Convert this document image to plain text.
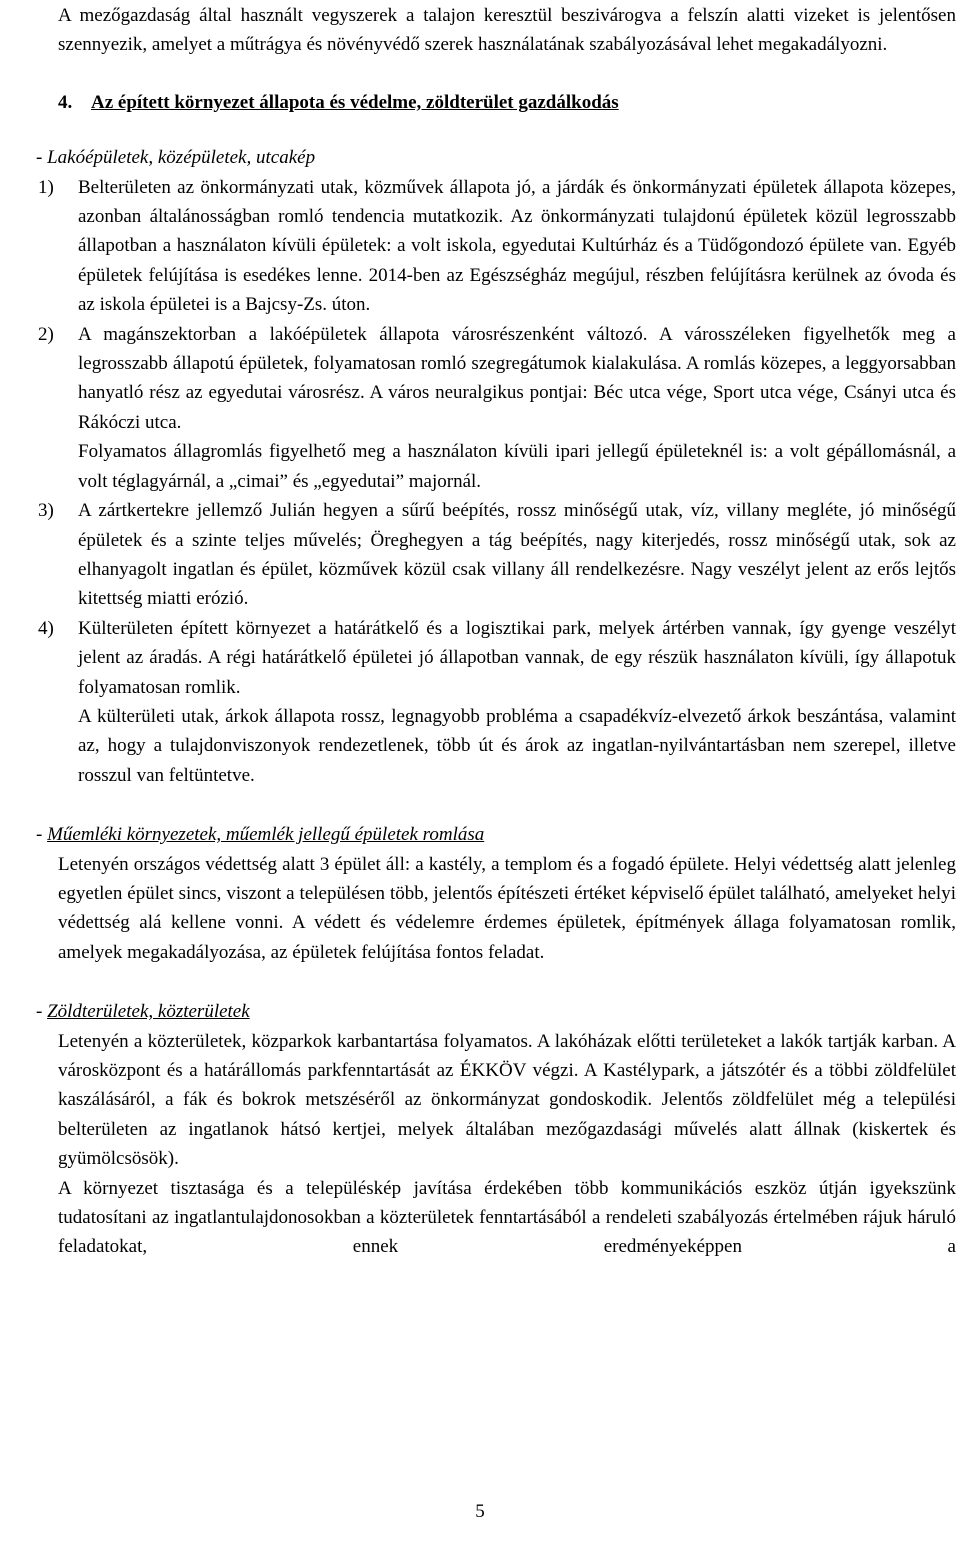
A mezőgazdaság által használt vegyszerek a talajon keresztül beszivárogva a felszín alatti vizeket is jelentősen szennyezik, amelyet a műtrágya és növényvédő szerek használatának szabályozásával lehet megakadályozni.

4. Az épített környezet állapota és védelme, zöldterület gazdálkodás
- Lakóépületek, középületek, utcakép
1)	Belterületen az önkormányzati utak, közművek állapota jó, a járdák és önkormányzati épületek állapota közepes, azonban általánosságban romló tendencia mutatkozik. Az önkormányzati tulajdonú épületek közül legrosszabb állapotban a használaton kívüli épületek: a volt iskola, egyedutai Kultúrház és a Tüdőgondozó épülete van. Egyéb épületek felújítása is esedékes lenne. 2014-ben az Egészségház megújul, részben felújításra kerülnek az óvoda és az iskola épületei is a Bajcsy-Zs. úton.

2)	A magánszektorban a lakóépületek állapota városrészenként változó. A városszéleken figyelhetők meg a legrosszabb állapotú épületek, folyamatosan romló szegregátumok kialakulása. A romlás közepes, a leggyorsabban hanyatló rész az egyedutai városrész. A város neuralgikus pontjai: Béc utca vége, Sport utca vége, Csányi utca és Rákóczi utca.

Folyamatos állagromlás figyelhető meg a használaton kívüli ipari jellegű épületeknél is: a volt gépállomásnál, a volt téglagyárnál, a „cimai” és „egyedutai” majornál.

3)	A zártkertekre jellemző Julián hegyen a sűrű beépítés, rossz minőségű utak, víz, villany megléte, jó minőségű épületek és a szinte teljes művelés; Öreghegyen a tág beépítés, nagy kiterjedés, rossz minőségű utak, sok az elhanyagolt ingatlan és épület, közművek közül csak villany áll rendelkezésre. Nagy veszélyt jelent az erős lejtős kitettség miatti erózió.

4)	Külterületen épített környezet a határátkelő és a logisztikai park, melyek ártérben vannak, így gyenge veszélyt jelent az áradás. A régi határátkelő épületei jó állapotban vannak, de egy részük használaton kívüli, így állapotuk folyamatosan romlik.

A külterületi utak, árkok állapota rossz, legnagyobb probléma a csapadékvíz-elvezető árkok beszántása, valamint az, hogy a tulajdonviszonyok rendezetlenek, több út és árok az ingatlan-nyilvántartásban nem szerepel, illetve rosszul van feltüntetve.

- Műemléki környezetek, műemlék jellegű épületek romlása

Letenyén országos védettség alatt 3 épület áll: a kastély, a templom és a fogadó épülete. Helyi védettség alatt jelenleg egyetlen épület sincs, viszont a településen több, jelentős építészeti értéket képviselő épület található, amelyeket helyi védettség alá kellene vonni. A védett és védelemre érdemes épületek, építmények állaga folyamatosan romlik, amelyek megakadályozása, az épületek felújítása fontos feladat.

- Zöldterületek, közterületek

Letenyén a közterületek, közparkok karbantartása folyamatos. A lakóházak előtti területeket a lakók tartják karban. A városközpont és a határállomás parkfenntartását az ÉKKÖV végzi. A Kastélypark, a játszótér és a többi zöldfelület kaszálásáról, a fák és bokrok metszéséről az önkormányzat gondoskodik. Jelentős zöldfelület még a települési belterületen az ingatlanok hátsó kertjei, melyek általában mezőgazdasági művelés alatt állnak (kiskertek és gyümölcsösök).

A környezet tisztasága és a településkép javítása érdekében több kommunikációs eszköz útján igyekszünk tudatosítani az ingatlantulajdonosokban a közterületek fenntartásából a rendeleti szabályozás értelmében rájuk háruló feladatokat, ennek eredményeképpen a

5
